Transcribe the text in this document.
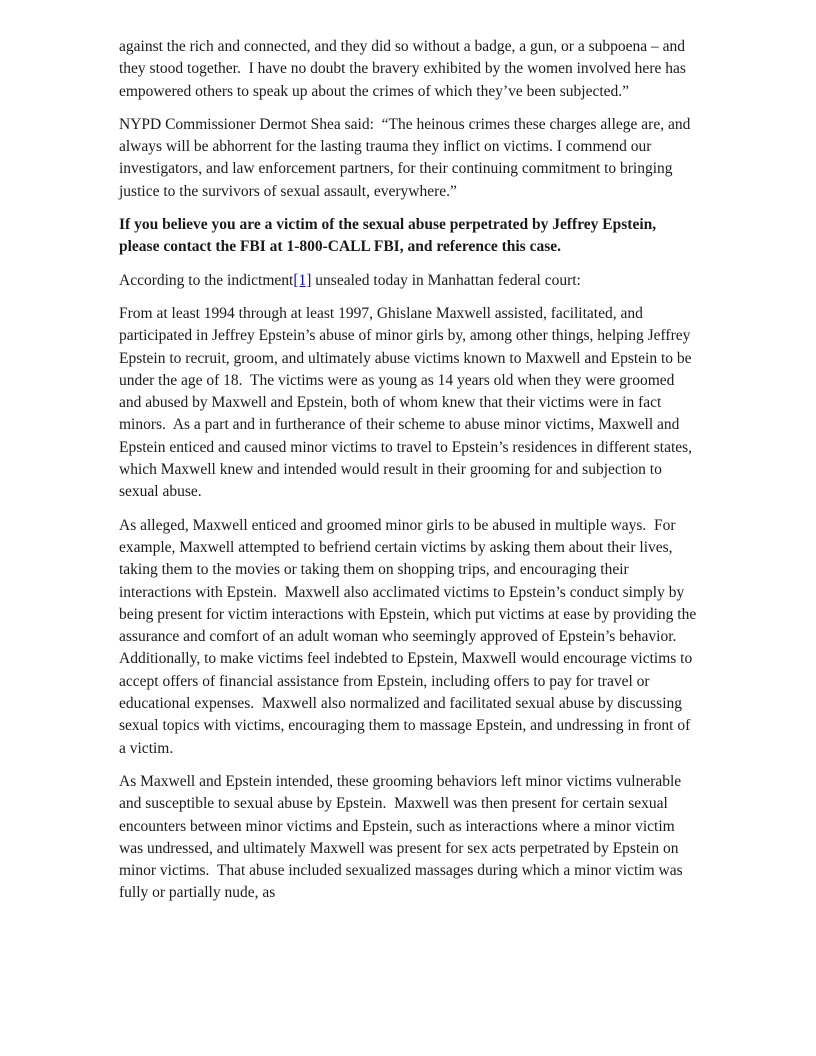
against the rich and connected, and they did so without a badge, a gun, or a subpoena – and they stood together.  I have no doubt the bravery exhibited by the women involved here has empowered others to speak up about the crimes of which they’ve been subjected.”

NYPD Commissioner Dermot Shea said:  “The heinous crimes these charges allege are, and always will be abhorrent for the lasting trauma they inflict on victims. I commend our investigators, and law enforcement partners, for their continuing commitment to bringing justice to the survivors of sexual assault, everywhere.”

If you believe you are a victim of the sexual abuse perpetrated by Jeffrey Epstein, please contact the FBI at 1-800-CALL FBI, and reference this case.

According to the indictment[1] unsealed today in Manhattan federal court:

From at least 1994 through at least 1997, Ghislane Maxwell assisted, facilitated, and participated in Jeffrey Epstein’s abuse of minor girls by, among other things, helping Jeffrey Epstein to recruit, groom, and ultimately abuse victims known to Maxwell and Epstein to be under the age of 18.  The victims were as young as 14 years old when they were groomed and abused by Maxwell and Epstein, both of whom knew that their victims were in fact minors.  As a part and in furtherance of their scheme to abuse minor victims, Maxwell and Epstein enticed and caused minor victims to travel to Epstein’s residences in different states, which Maxwell knew and intended would result in their grooming for and subjection to sexual abuse.

As alleged, Maxwell enticed and groomed minor girls to be abused in multiple ways.  For example, Maxwell attempted to befriend certain victims by asking them about their lives, taking them to the movies or taking them on shopping trips, and encouraging their interactions with Epstein.  Maxwell also acclimated victims to Epstein’s conduct simply by being present for victim interactions with Epstein, which put victims at ease by providing the assurance and comfort of an adult woman who seemingly approved of Epstein’s behavior.  Additionally, to make victims feel indebted to Epstein, Maxwell would encourage victims to accept offers of financial assistance from Epstein, including offers to pay for travel or educational expenses.  Maxwell also normalized and facilitated sexual abuse by discussing sexual topics with victims, encouraging them to massage Epstein, and undressing in front of a victim.

As Maxwell and Epstein intended, these grooming behaviors left minor victims vulnerable and susceptible to sexual abuse by Epstein.  Maxwell was then present for certain sexual encounters between minor victims and Epstein, such as interactions where a minor victim was undressed, and ultimately Maxwell was present for sex acts perpetrated by Epstein on minor victims.  That abuse included sexualized massages during which a minor victim was fully or partially nude, as
